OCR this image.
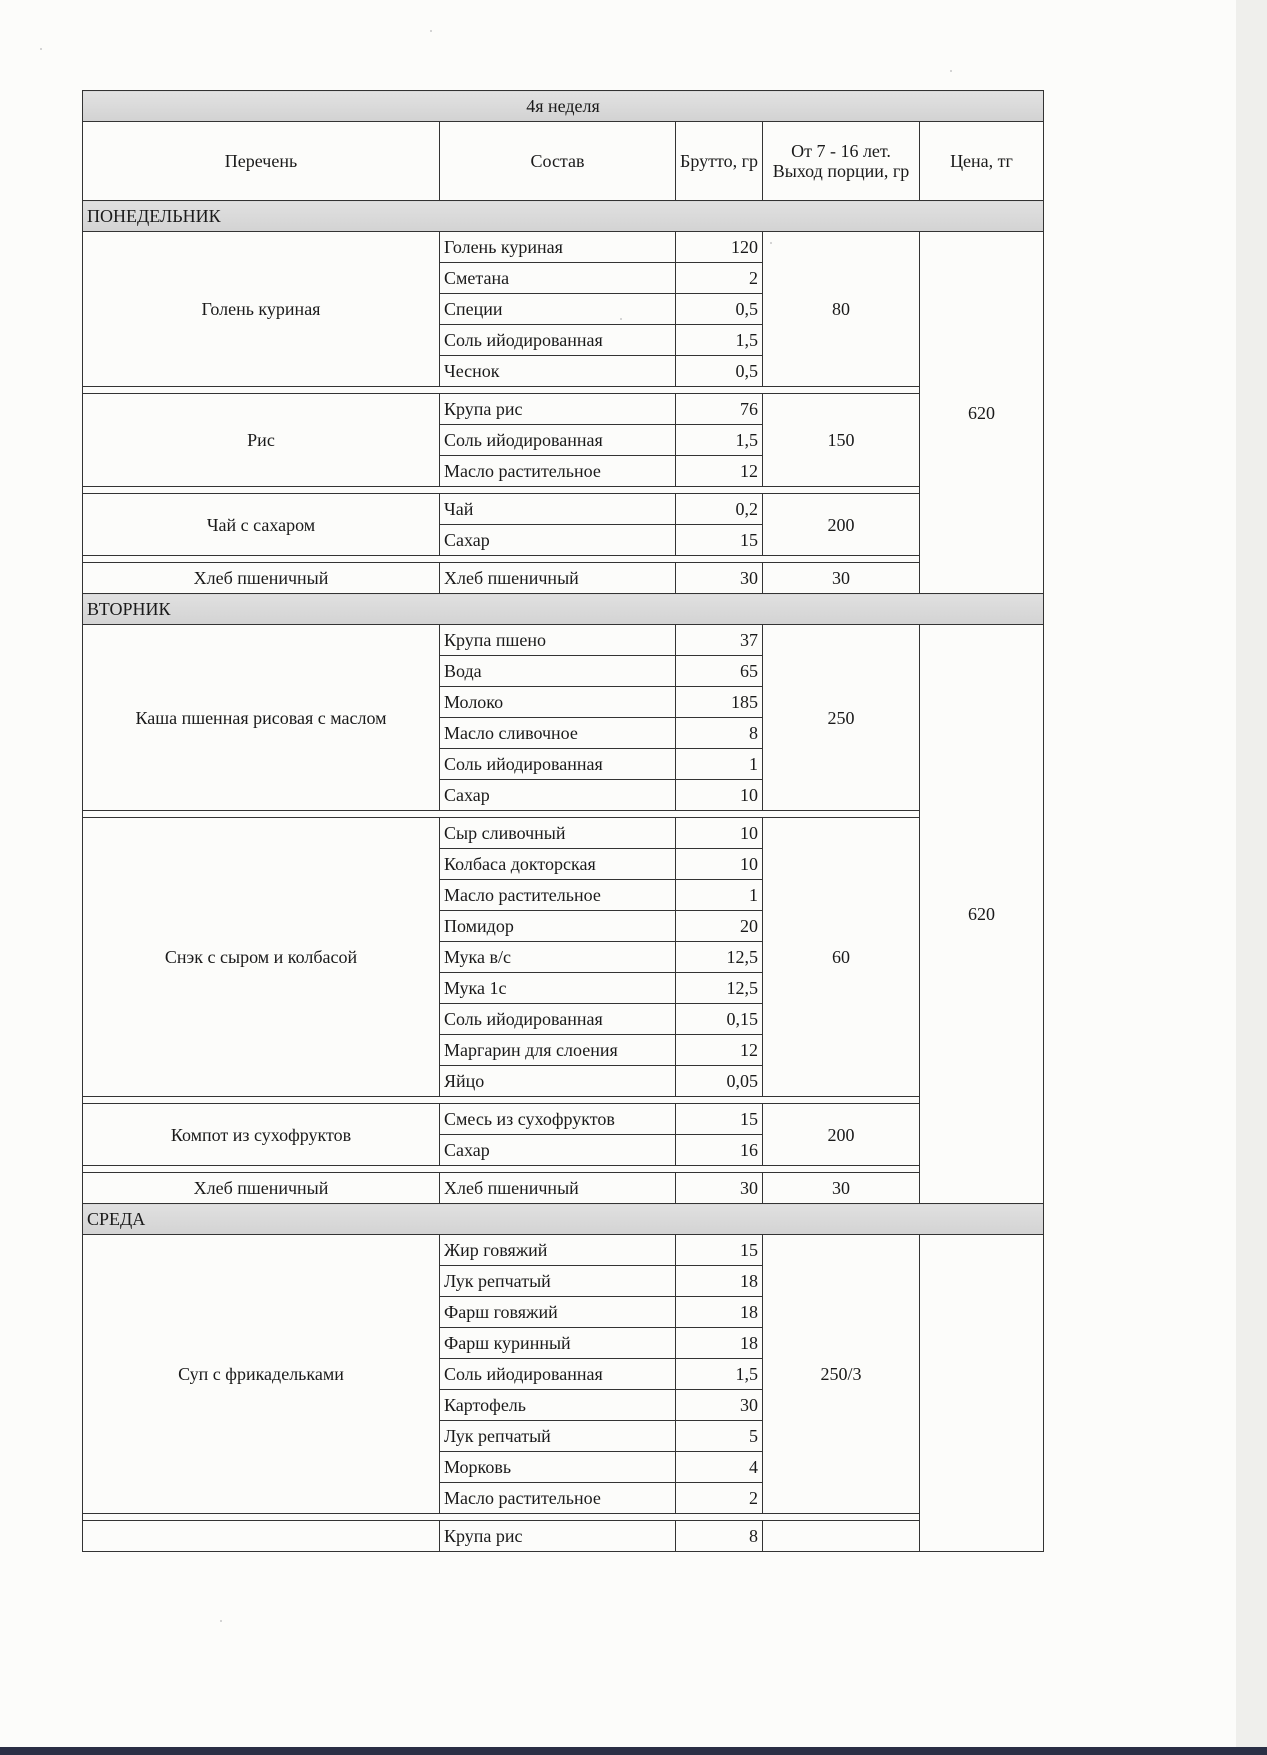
4я неделя				
Перечень	Состав	Брутто, гр	От 7 - 16 лет. Выход порции, гр	Цена, тг
ПОНЕДЕЛЬНИК				
Голень куриная	Голень куриная	120	80	620
	Сметана	2		
	Специи	0,5		
	Соль ийодированная	1,5		
	Чеснок	0,5		

Рис	Крупа рис	76	150	
	Соль ийодированная	1,5		
	Масло растительное	12		

Чай с сахаром	Чай	0,2	200	
	Сахар	15		

Хлеб пшеничный	Хлеб пшеничный	30	30	
ВТОРНИК				
Каша пшенная рисовая с маслом	Крупа пшено	37	250	620
	Вода	65		
	Молоко	185		
	Масло сливочное	8		
	Соль ийодированная	1		
	Сахар	10		

Снэк с сыром и колбасой	Сыр сливочный	10	60	
	Колбаса докторская	10		
	Масло растительное	1		
	Помидор	20		
	Мука в/с	12,5		
	Мука 1с	12,5		
	Соль ийодированная	0,15		
	Маргарин для слоения	12		
	Яйцо	0,05		

Компот из сухофруктов	Смесь из сухофруктов	15	200	
	Сахар	16		

Хлеб пшеничный	Хлеб пшеничный	30	30	
СРЕДА				
Суп с фрикадельками	Жир говяжий	15	250/3	
	Лук репчатый	18		
	Фарш говяжий	18		
	Фарш куринный	18		
	Соль ийодированная	1,5		
	Картофель	30		
	Лук репчатый	5		
	Морковь	4		
	Масло растительное	2		

	Крупа рис	8		
